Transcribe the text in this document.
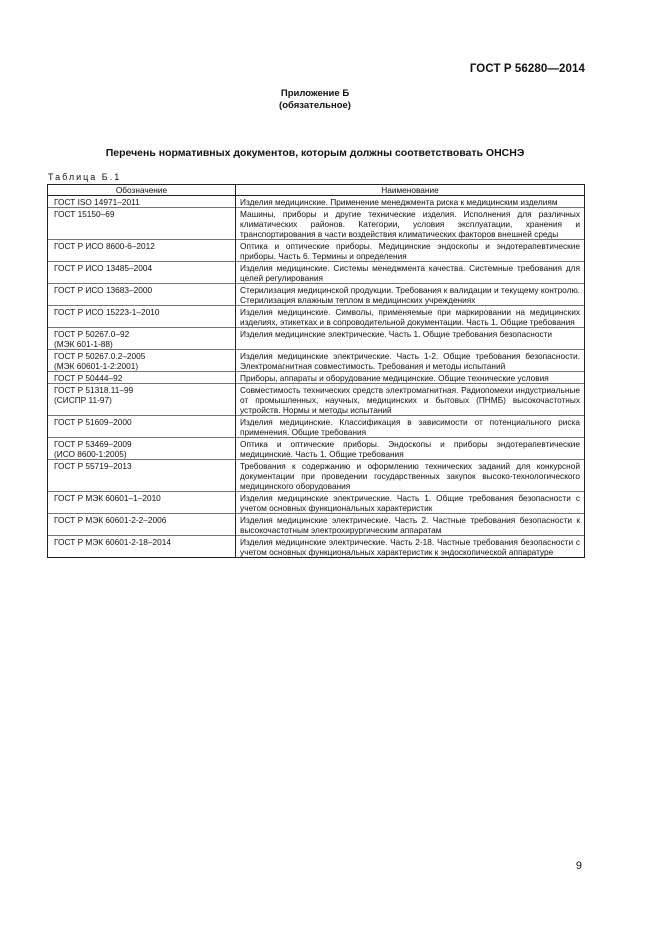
ГОСТ Р 56280—2014
Приложение Б
(обязательное)
Перечень нормативных документов, которым должны соответствовать ОНСНЭ
Таблица Б.1
Обозначение	Наименование
ГОСТ ISO 14971–2011	Изделия медицинские. Применение менеджмента риска к медицинским изделиям
ГОСТ 15150–69	Машины, приборы и другие технические изделия. Исполнения для различных климатических районов. Категории, условия эксплуатации, хранения и транспортирования в части воздействия климатических факторов внешней среды
ГОСТ Р ИСО 8600-6–2012	Оптика и оптические приборы. Медицинские эндоскопы и эндотерапевтические приборы. Часть 6. Термины и определения
ГОСТ Р ИСО 13485–2004	Изделия медицинские. Системы менеджмента качества. Системные требования для целей регулирования
ГОСТ Р ИСО 13683–2000	Стерилизация медицинской продукции. Требования к валидации и текущему контролю. Стерилизация влажным теплом в медицинских учреждениях
ГОСТ Р ИСО 15223-1–2010	Изделия медицинские. Символы, применяемые при маркировании на медицинских изделиях, этикетках и в сопроводительной документации. Часть 1. Общие требования
ГОСТ Р 50267.0–92
(МЭК 601-1-88)	Изделия медицинские электрические. Часть 1. Общие требования безопасности
ГОСТ Р 50267.0.2–2005
(МЭК 60601-1-2:2001)	Изделия медицинские электрические. Часть 1-2. Общие требования безопасности. Электромагнитная совместимость. Требования и методы испытаний
ГОСТ Р 50444–92	Приборы, аппараты и оборудование медицинские. Общие технические условия
ГОСТ Р 51318.11–99
(СИСПР 11-97)	Совместимость технических средств электромагнитная. Радиопомехи индустриальные от промышленных, научных, медицинских и бытовых (ПНМБ) высокочастотных устройств. Нормы и методы испытаний
ГОСТ Р 51609–2000	Изделия медицинские. Классификация в зависимости от потенциального риска применения. Общие требования
ГОСТ Р 53469–2009
(ИСО 8600-1:2005)	Оптика и оптические приборы. Эндоскопы и приборы эндотерапевтические медицинские. Часть 1. Общие требования
ГОСТ Р 55719–2013	Требования к содержанию и оформлению технических заданий для конкурсной документации при проведении государственных закупок высоко-технологического медицинского оборудования
ГОСТ Р МЭК 60601–1–2010	Изделия медицинские электрические. Часть 1. Общие требования безопасности с учетом основных функциональных характеристик
ГОСТ Р МЭК 60601-2-2–2006	Изделия медицинские электрические. Часть 2. Частные требования безопасности к высокочастотным электрохирургическим аппаратам
ГОСТ Р МЭК 60601-2-18–2014	Изделия медицинские электрические. Часть 2-18. Частные требования безопасности с учетом основных функциональных характеристик к эндоскопической аппаратуре
9
